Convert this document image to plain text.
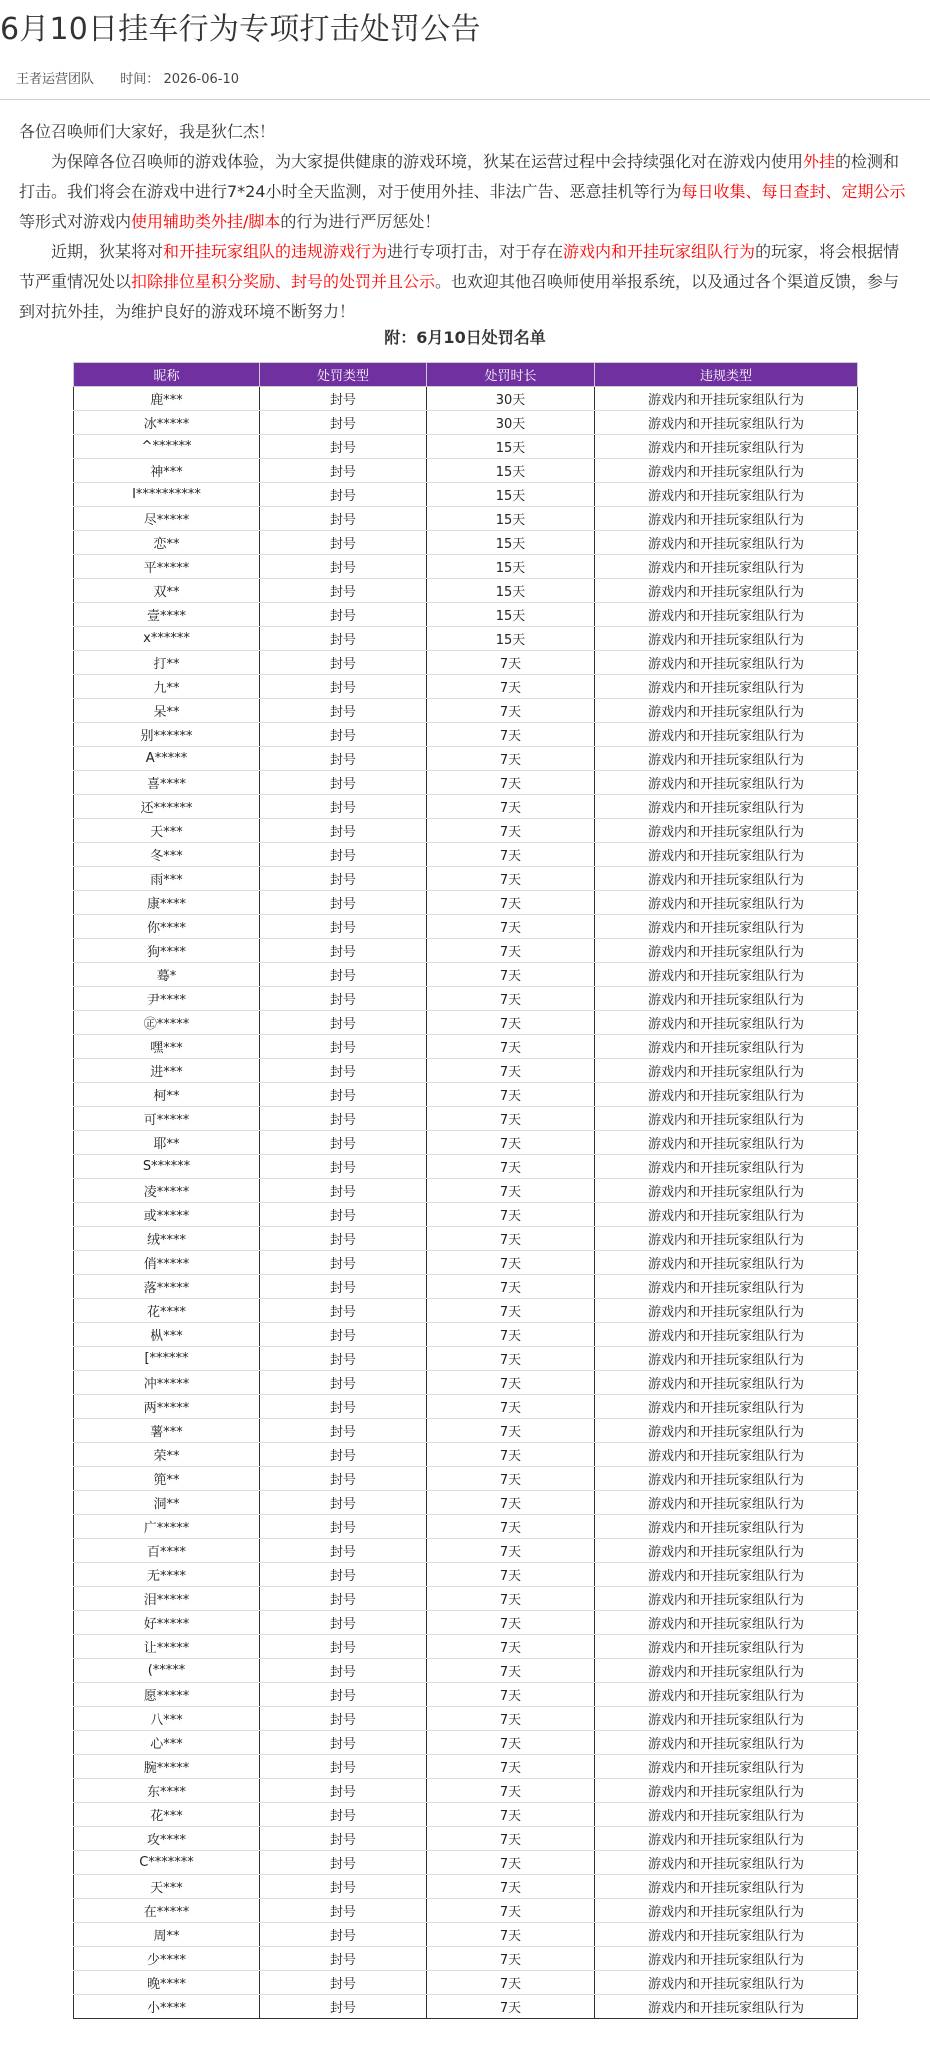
6月10日挂车行为专项打击处罚公告
王者运营团队 时间： 2026-06-10

各位召唤师们大家好，我是狄仁杰！

为保障各位召唤师的游戏体验，为大家提供健康的游戏环境，狄某在运营过程中会持续强化对在游戏内使用外挂的检测和打击。我们将会在游戏中进行7*24小时全天监测，对于使用外挂、非法广告、恶意挂机等行为每日收集、每日查封、定期公示等形式对游戏内使用辅助类外挂/脚本的行为进行严厉惩处！

近期，狄某将对和开挂玩家组队的违规游戏行为进行专项打击，对于存在游戏内和开挂玩家组队行为的玩家，将会根据情节严重情况处以扣除排位星积分奖励、封号的处罚并且公示。也欢迎其他召唤师使用举报系统，以及通过各个渠道反馈，参与到对抗外挂，为维护良好的游戏环境不断努力！

附：6月10日处罚名单
昵称	处罚类型	处罚时长	违规类型
鹿***	封号	30天	游戏内和开挂玩家组队行为
冰*****	封号	30天	游戏内和开挂玩家组队行为
^******	封号	15天	游戏内和开挂玩家组队行为
神***	封号	15天	游戏内和开挂玩家组队行为
I**********	封号	15天	游戏内和开挂玩家组队行为
尽*****	封号	15天	游戏内和开挂玩家组队行为
恋**	封号	15天	游戏内和开挂玩家组队行为
平*****	封号	15天	游戏内和开挂玩家组队行为
双**	封号	15天	游戏内和开挂玩家组队行为
壹****	封号	15天	游戏内和开挂玩家组队行为
x******	封号	15天	游戏内和开挂玩家组队行为
打**	封号	7天	游戏内和开挂玩家组队行为
九**	封号	7天	游戏内和开挂玩家组队行为
呆**	封号	7天	游戏内和开挂玩家组队行为
别******	封号	7天	游戏内和开挂玩家组队行为
A*****	封号	7天	游戏内和开挂玩家组队行为
喜****	封号	7天	游戏内和开挂玩家组队行为
还******	封号	7天	游戏内和开挂玩家组队行为
天***	封号	7天	游戏内和开挂玩家组队行为
冬***	封号	7天	游戏内和开挂玩家组队行为
雨***	封号	7天	游戏内和开挂玩家组队行为
康****	封号	7天	游戏内和开挂玩家组队行为
你****	封号	7天	游戏内和开挂玩家组队行为
狗****	封号	7天	游戏内和开挂玩家组队行为
蓦*	封号	7天	游戏内和开挂玩家组队行为
尹****	封号	7天	游戏内和开挂玩家组队行为
㊣*****	封号	7天	游戏内和开挂玩家组队行为
嘿***	封号	7天	游戏内和开挂玩家组队行为
进***	封号	7天	游戏内和开挂玩家组队行为
柯**	封号	7天	游戏内和开挂玩家组队行为
可*****	封号	7天	游戏内和开挂玩家组队行为
耶**	封号	7天	游戏内和开挂玩家组队行为
S******	封号	7天	游戏内和开挂玩家组队行为
凌*****	封号	7天	游戏内和开挂玩家组队行为
或*****	封号	7天	游戏内和开挂玩家组队行为
绒****	封号	7天	游戏内和开挂玩家组队行为
俏*****	封号	7天	游戏内和开挂玩家组队行为
落*****	封号	7天	游戏内和开挂玩家组队行为
花****	封号	7天	游戏内和开挂玩家组队行为
枞***	封号	7天	游戏内和开挂玩家组队行为
[******	封号	7天	游戏内和开挂玩家组队行为
冲*****	封号	7天	游戏内和开挂玩家组队行为
两*****	封号	7天	游戏内和开挂玩家组队行为
薯***	封号	7天	游戏内和开挂玩家组队行为
荣**	封号	7天	游戏内和开挂玩家组队行为
篼**	封号	7天	游戏内和开挂玩家组队行为
洞**	封号	7天	游戏内和开挂玩家组队行为
广*****	封号	7天	游戏内和开挂玩家组队行为
百****	封号	7天	游戏内和开挂玩家组队行为
无****	封号	7天	游戏内和开挂玩家组队行为
泪*****	封号	7天	游戏内和开挂玩家组队行为
好*****	封号	7天	游戏内和开挂玩家组队行为
让*****	封号	7天	游戏内和开挂玩家组队行为
(*****	封号	7天	游戏内和开挂玩家组队行为
愿*****	封号	7天	游戏内和开挂玩家组队行为
八***	封号	7天	游戏内和开挂玩家组队行为
心***	封号	7天	游戏内和开挂玩家组队行为
腕*****	封号	7天	游戏内和开挂玩家组队行为
东****	封号	7天	游戏内和开挂玩家组队行为
花***	封号	7天	游戏内和开挂玩家组队行为
攻****	封号	7天	游戏内和开挂玩家组队行为
C*******	封号	7天	游戏内和开挂玩家组队行为
天***	封号	7天	游戏内和开挂玩家组队行为
在*****	封号	7天	游戏内和开挂玩家组队行为
周**	封号	7天	游戏内和开挂玩家组队行为
少****	封号	7天	游戏内和开挂玩家组队行为
晚****	封号	7天	游戏内和开挂玩家组队行为
小****	封号	7天	游戏内和开挂玩家组队行为
